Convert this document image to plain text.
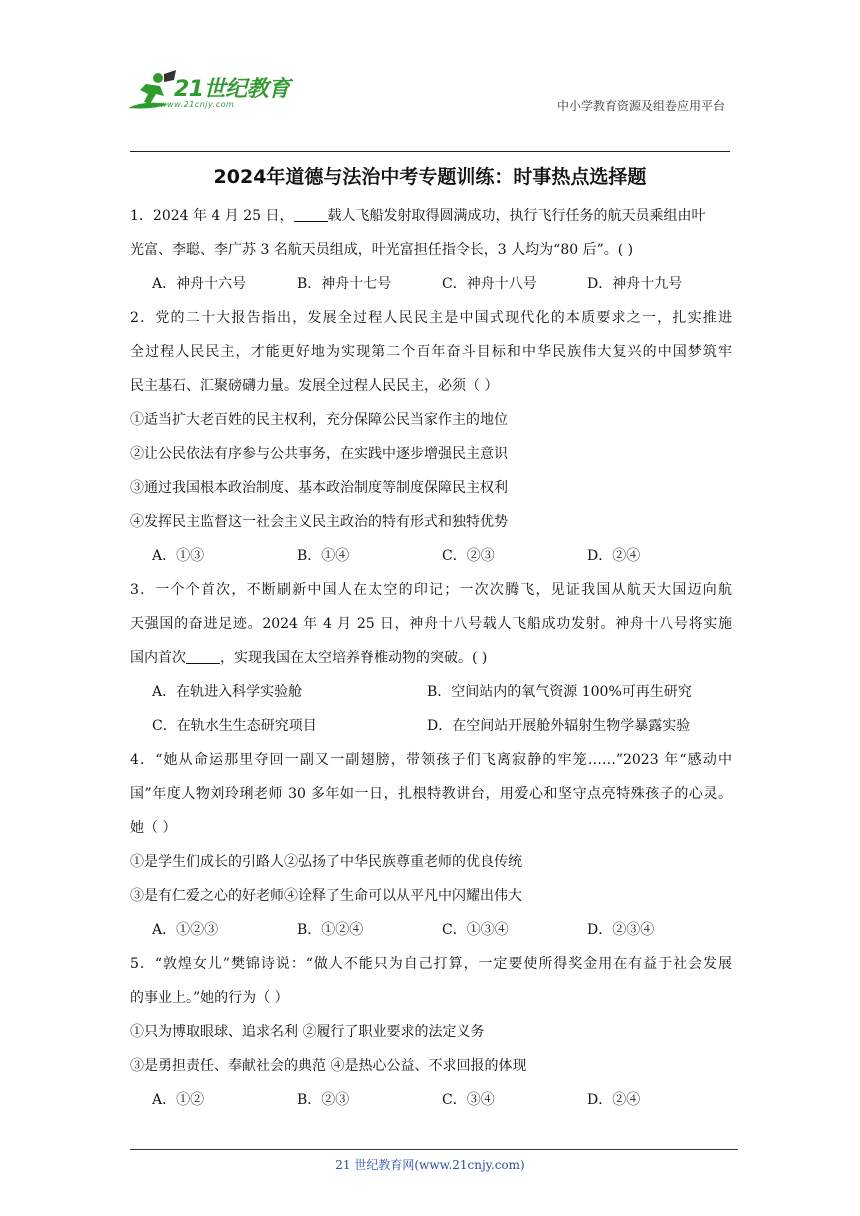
21世纪教育
www.21cnjy.com	中小学教育资源及组卷应用平台
2024年道德与法治中考专题训练：时事热点选择题
1．2024 年 4 月 25 日， 载人飞船发射取得圆满成功，执行飞行任务的航天员乘组由叶
光富、李聪、李广苏 3 名航天员组成，叶光富担任指令长，3 人均为“80 后”。( )
A．神舟十六号	B．神舟十七号	C．神舟十八号	D．神舟十九号
2．党的二十大报告指出，发展全过程人民民主是中国式现代化的本质要求之一，扎实推进
全过程人民民主，才能更好地为实现第二个百年奋斗目标和中华民族伟大复兴的中国梦筑牢
民主基石、汇聚磅礴力量。发展全过程人民民主，必须（ ）
①适当扩大老百姓的民主权利，充分保障公民当家作主的地位
②让公民依法有序参与公共事务，在实践中逐步增强民主意识
③通过我国根本政治制度、基本政治制度等制度保障民主权利
④发挥民主监督这一社会主义民主政治的特有形式和独特优势
A．①③	B．①④	C．②③	D．②④
3．一个个首次，不断刷新中国人在太空的印记；一次次腾飞，见证我国从航天大国迈向航
天强国的奋进足迹。2024 年 4 月 25 日，神舟十八号载人飞船成功发射。神舟十八号将实施
国内首次 ，实现我国在太空培养脊椎动物的突破。( )
A．在轨进入科学实验舱	B．空间站内的氧气资源 100%可再生研究
C．在轨水生生态研究项目	D．在空间站开展舱外辐射生物学暴露实验
4．“她从命运那里夺回一副又一副翅膀，带领孩子们飞离寂静的牢笼……”2023 年“感动中
国”年度人物刘玲琍老师 30 多年如一日，扎根特教讲台，用爱心和坚守点亮特殊孩子的心灵。
她（ ）
①是学生们成长的引路人②弘扬了中华民族尊重老师的优良传统
③是有仁爱之心的好老师④诠释了生命可以从平凡中闪耀出伟大
A．①②③	B．①②④	C．①③④	D．②③④
5．“敦煌女儿”樊锦诗说：“做人不能只为自己打算，一定要使所得奖金用在有益于社会发展
的事业上。”她的行为（ ）
①只为博取眼球、追求名利 ②履行了职业要求的法定义务
③是勇担责任、奉献社会的典范 ④是热心公益、不求回报的体现
A．①②	B．②③	C．③④	D．②④
21 世纪教育网(www.21cnjy.com)
